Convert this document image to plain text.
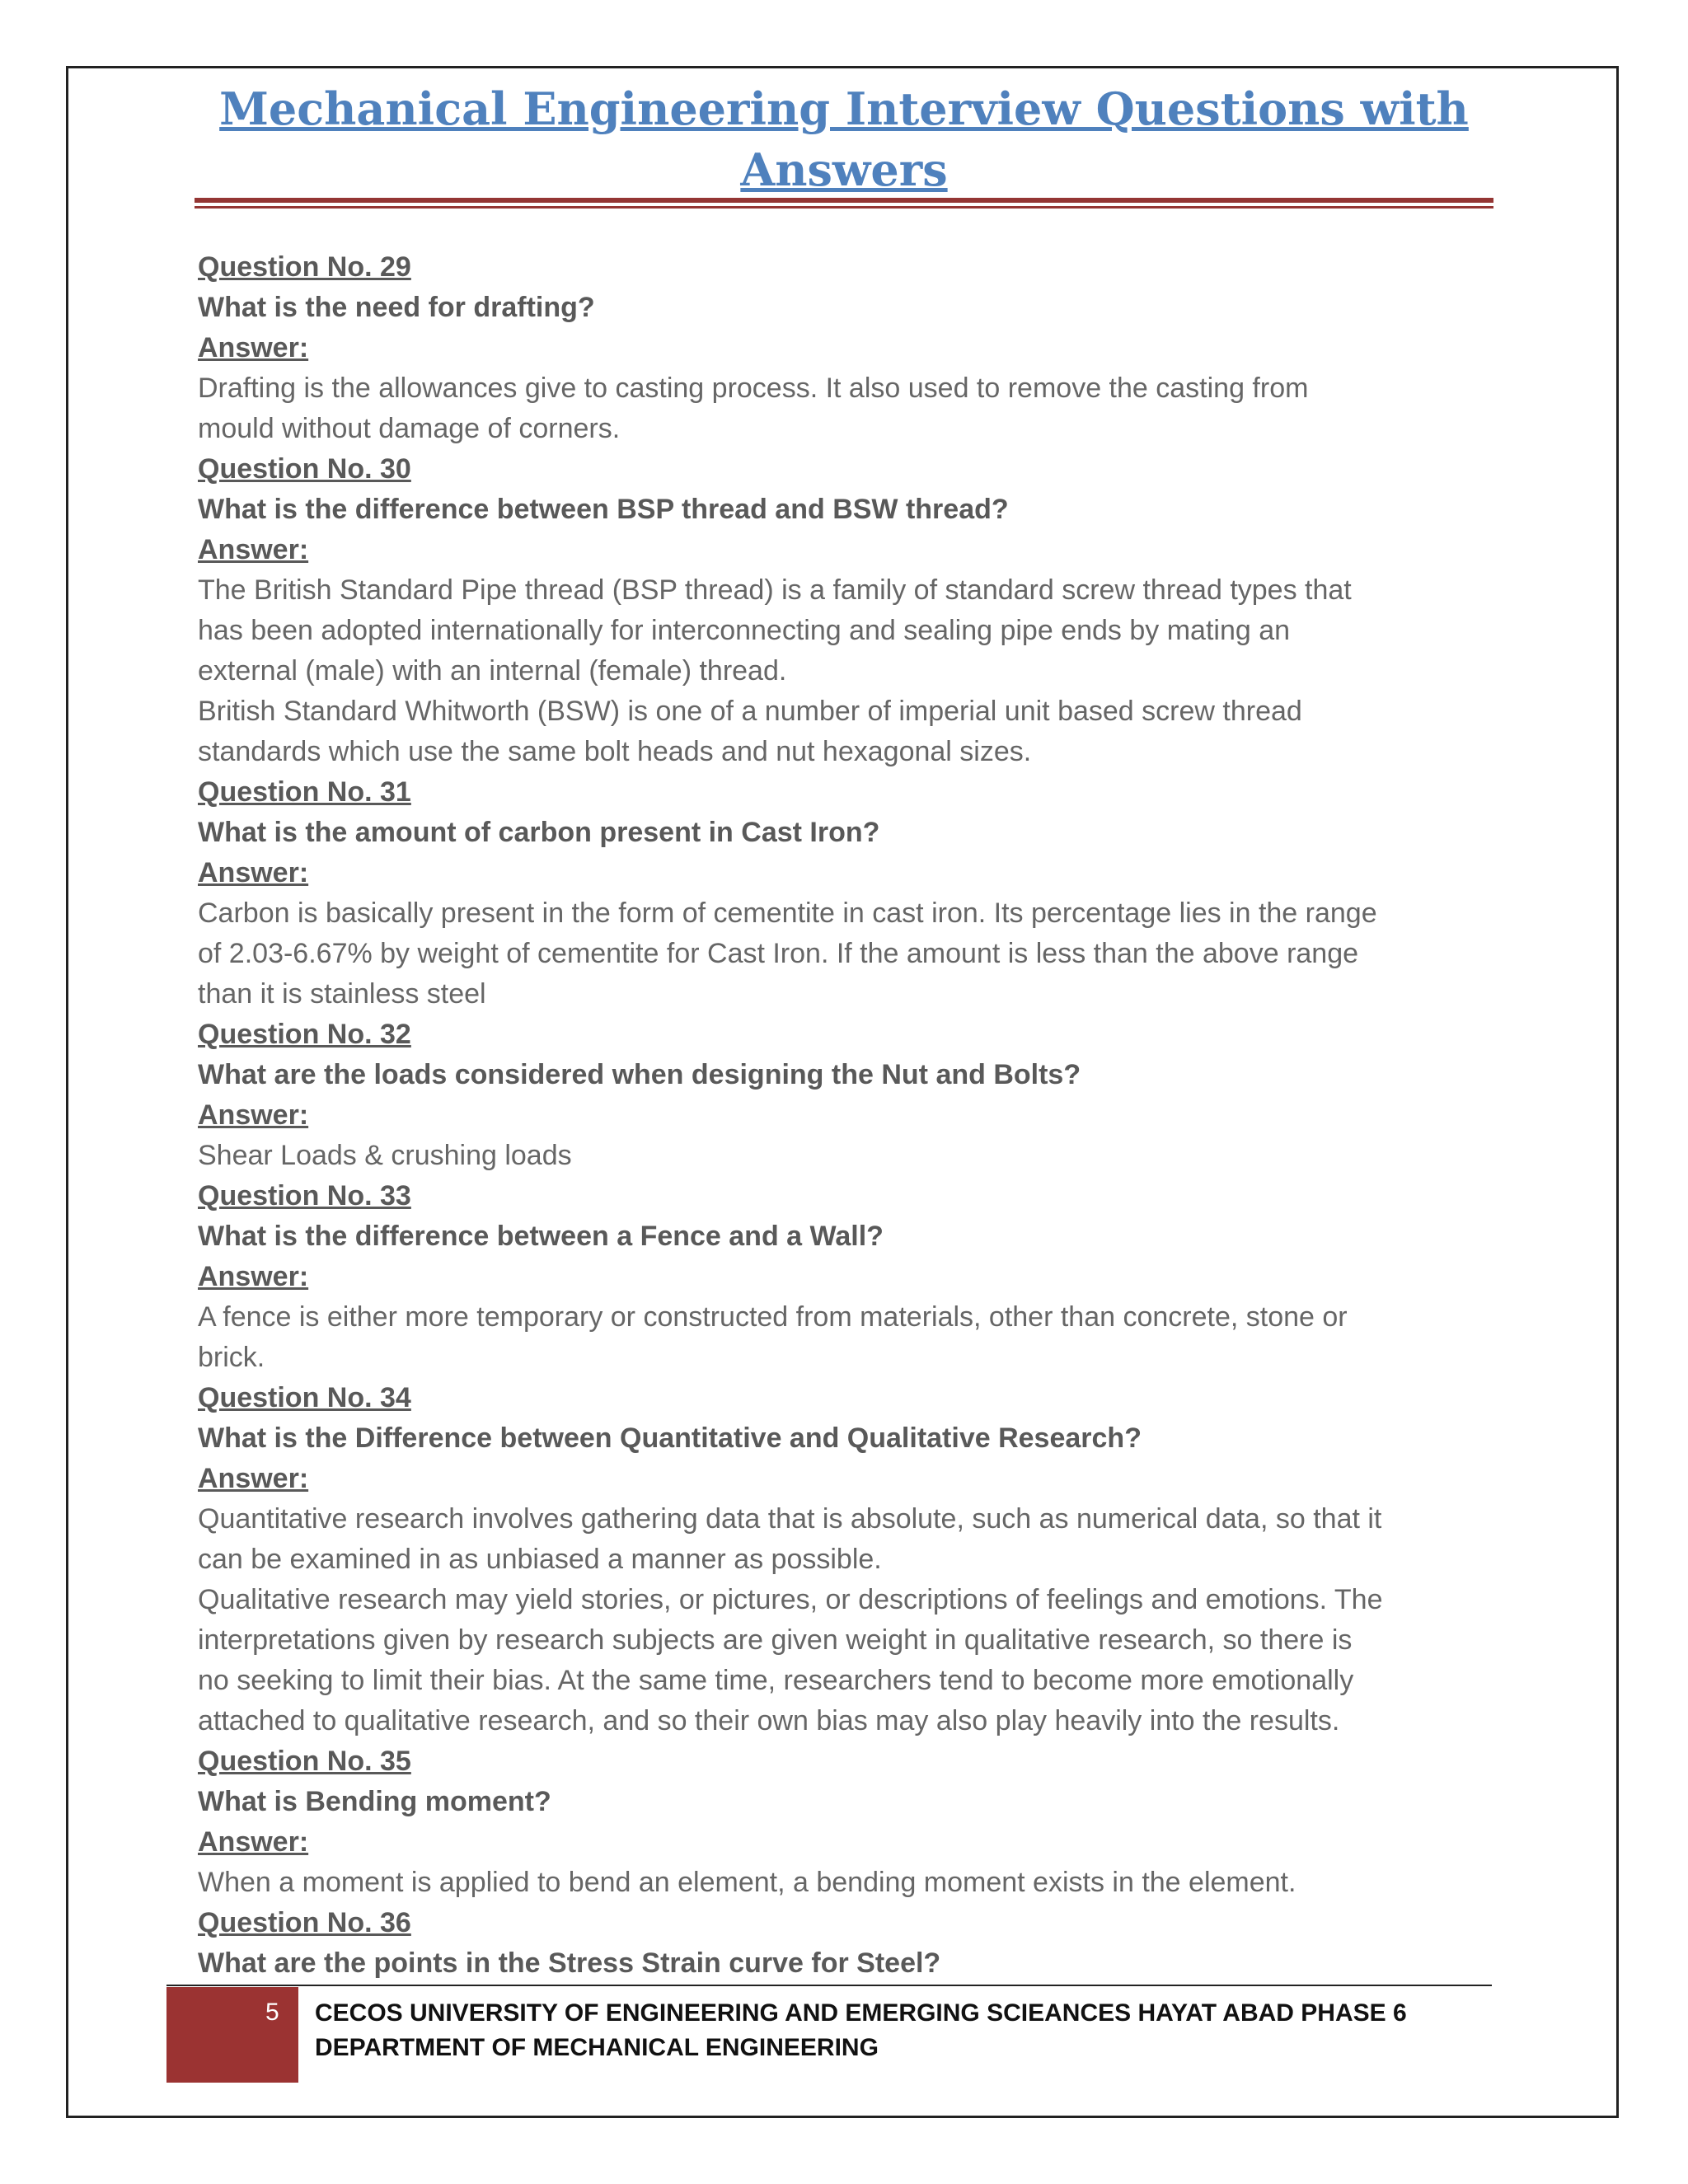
Mechanical Engineering Interview Questions with
Answers

Question No. 29

What is the need for drafting?

Answer:

Drafting is the allowances give to casting process. It also used to remove the casting from

mould without damage of corners.

Question No. 30

What is the difference between BSP thread and BSW thread?

Answer:

The British Standard Pipe thread (BSP thread) is a family of standard screw thread types that

has been adopted internationally for interconnecting and sealing pipe ends by mating an

external (male) with an internal (female) thread.

British Standard Whitworth (BSW) is one of a number of imperial unit based screw thread

standards which use the same bolt heads and nut hexagonal sizes.

Question No. 31

What is the amount of carbon present in Cast Iron?

Answer:

Carbon is basically present in the form of cementite in cast iron. Its percentage lies in the range

of 2.03-6.67% by weight of cementite for Cast Iron. If the amount is less than the above range

than it is stainless steel

Question No. 32

What are the loads considered when designing the Nut and Bolts?

Answer:

Shear Loads & crushing loads

Question No. 33

What is the difference between a Fence and a Wall?

Answer:

A fence is either more temporary or constructed from materials, other than concrete, stone or

brick.

Question No. 34

What is the Difference between Quantitative and Qualitative Research?

Answer:

Quantitative research involves gathering data that is absolute, such as numerical data, so that it

can be examined in as unbiased a manner as possible.

Qualitative research may yield stories, or pictures, or descriptions of feelings and emotions. The

interpretations given by research subjects are given weight in qualitative research, so there is

no seeking to limit their bias. At the same time, researchers tend to become more emotionally

attached to qualitative research, and so their own bias may also play heavily into the results.

Question No. 35

What is Bending moment?

Answer:

When a moment is applied to bend an element, a bending moment exists in the element.

Question No. 36

What are the points in the Stress Strain curve for Steel?

5 CECOS UNIVERSITY OF ENGINEERING AND EMERGING SCIEANCES HAYAT ABAD PHASE 6
DEPARTMENT OF MECHANICAL ENGINEERING
